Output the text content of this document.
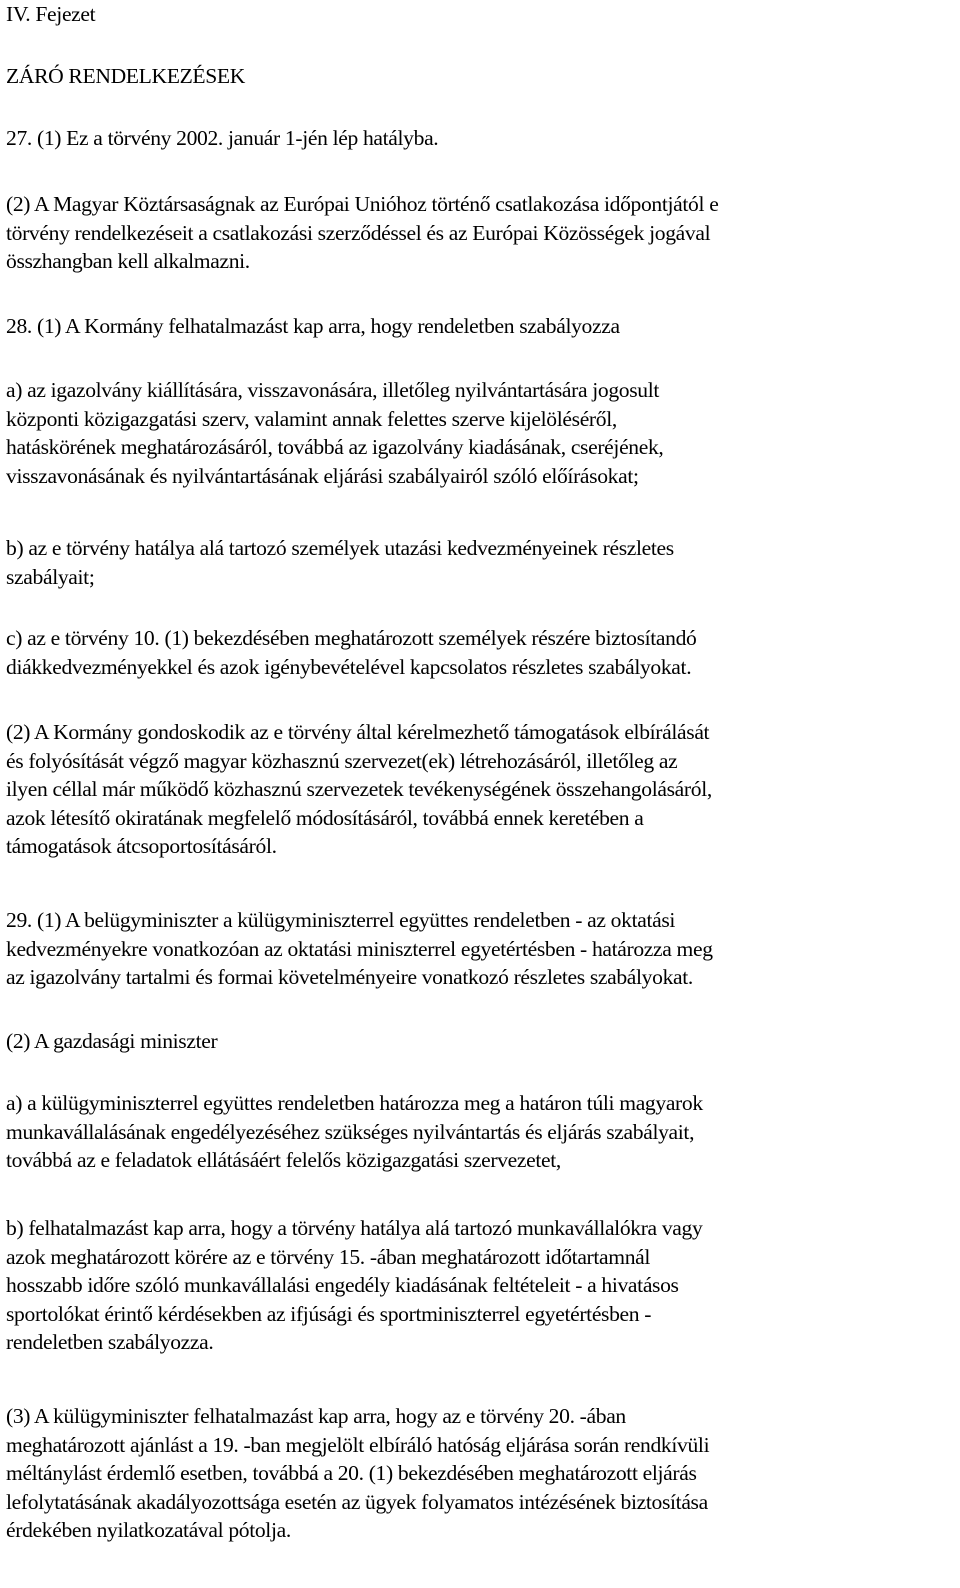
IV. Fejezet
ZÁRÓ RENDELKEZÉSEK
27. (1) Ez a törvény 2002. január 1-jén lép hatályba.
(2) A Magyar Köztársaságnak az Európai Unióhoz történő csatlakozása időpontjától e
törvény rendelkezéseit a csatlakozási szerződéssel és az Európai Közösségek jogával
összhangban kell alkalmazni.
28. (1) A Kormány felhatalmazást kap arra, hogy rendeletben szabályozza
a) az igazolvány kiállítására, visszavonására, illetőleg nyilvántartására jogosult
központi közigazgatási szerv, valamint annak felettes szerve kijelöléséről,
hatáskörének meghatározásáról, továbbá az igazolvány kiadásának, cseréjének,
visszavonásának és nyilvántartásának eljárási szabályairól szóló előírásokat;
b) az e törvény hatálya alá tartozó személyek utazási kedvezményeinek részletes
szabályait;
c) az e törvény 10. (1) bekezdésében meghatározott személyek részére biztosítandó
diákkedvezményekkel és azok igénybevételével kapcsolatos részletes szabályokat.
(2) A Kormány gondoskodik az e törvény által kérelmezhető támogatások elbírálását
és folyósítását végző magyar közhasznú szervezet(ek) létrehozásáról, illetőleg az
ilyen céllal már működő közhasznú szervezetek tevékenységének összehangolásáról,
azok létesítő okiratának megfelelő módosításáról, továbbá ennek keretében a
támogatások átcsoportosításáról.
29. (1) A belügyminiszter a külügyminiszterrel együttes rendeletben - az oktatási
kedvezményekre vonatkozóan az oktatási miniszterrel egyetértésben - határozza meg
az igazolvány tartalmi és formai követelményeire vonatkozó részletes szabályokat.
(2) A gazdasági miniszter
a) a külügyminiszterrel együttes rendeletben határozza meg a határon túli magyarok
munkavállalásának engedélyezéséhez szükséges nyilvántartás és eljárás szabályait,
továbbá az e feladatok ellátásáért felelős közigazgatási szervezetet,
b) felhatalmazást kap arra, hogy a törvény hatálya alá tartozó munkavállalókra vagy
azok meghatározott körére az e törvény 15. -ában meghatározott időtartamnál
hosszabb időre szóló munkavállalási engedély kiadásának feltételeit - a hivatásos
sportolókat érintő kérdésekben az ifjúsági és sportminiszterrel egyetértésben -
rendeletben szabályozza.
(3) A külügyminiszter felhatalmazást kap arra, hogy az e törvény 20. -ában
meghatározott ajánlást a 19. -ban megjelölt elbíráló hatóság eljárása során rendkívüli
méltánylást érdemlő esetben, továbbá a 20. (1) bekezdésében meghatározott eljárás
lefolytatásának akadályozottsága esetén az ügyek folyamatos intézésének biztosítása
érdekében nyilatkozatával pótolja.
